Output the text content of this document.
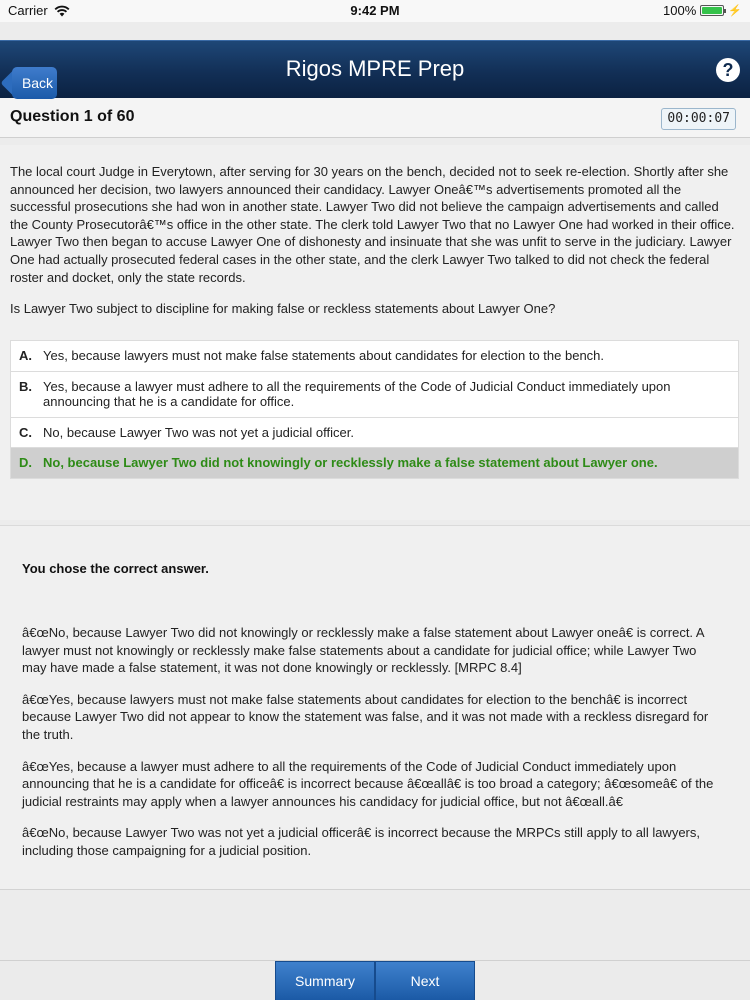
Carrier	9:42 PM	100%	⚡
Back
Rigos MPRE Prep	?
Question 1 of 60	00:00:07
The local court Judge in Everytown, after serving for 30 years on the bench, decided not to seek re-election. Shortly after she announced her decision, two lawyers announced their candidacy. Lawyer Oneâ€™s advertisements promoted all the successful prosecutions she had won in another state. Lawyer Two did not believe the campaign advertisements and called the County Prosecutorâ€™s office in the other state. The clerk told Lawyer Two that no Lawyer One had worked in their office. Lawyer Two then began to accuse Lawyer One of dishonesty and insinuate that she was unfit to serve in the judiciary. Lawyer One had actually prosecuted federal cases in the other state, and the clerk Lawyer Two talked to did not check the federal roster and docket, only the state records.
Is Lawyer Two subject to discipline for making false or reckless statements about Lawyer One?
A. Yes, because lawyers must not make false statements about candidates for election to the bench.
B. Yes, because a lawyer must adhere to all the requirements of the Code of Judicial Conduct immediately upon announcing that he is a candidate for office.
C. No, because Lawyer Two was not yet a judicial officer.
D. No, because Lawyer Two did not knowingly or recklessly make a false statement about Lawyer one.
You chose the correct answer.

â€œNo, because Lawyer Two did not knowingly or recklessly make a false statement about Lawyer oneâ€ is correct. A lawyer must not knowingly or recklessly make false statements about a candidate for judicial office; while Lawyer Two may have made a false statement, it was not done knowingly or recklessly. [MRPC 8.4]

â€œYes, because lawyers must not make false statements about candidates for election to the benchâ€ is incorrect because Lawyer Two did not appear to know the statement was false, and it was not made with a reckless disregard for the truth.

â€œYes, because a lawyer must adhere to all the requirements of the Code of Judicial Conduct immediately upon announcing that he is a candidate for officeâ€ is incorrect because â€œallâ€ is too broad a category; â€œsomeâ€ of the judicial restraints may apply when a lawyer announces his candidacy for judicial office, but not â€œall.â€

â€œNo, because Lawyer Two was not yet a judicial officerâ€ is incorrect because the MRPCs still apply to all lawyers, including those campaigning for a judicial position.

Summary	Next
